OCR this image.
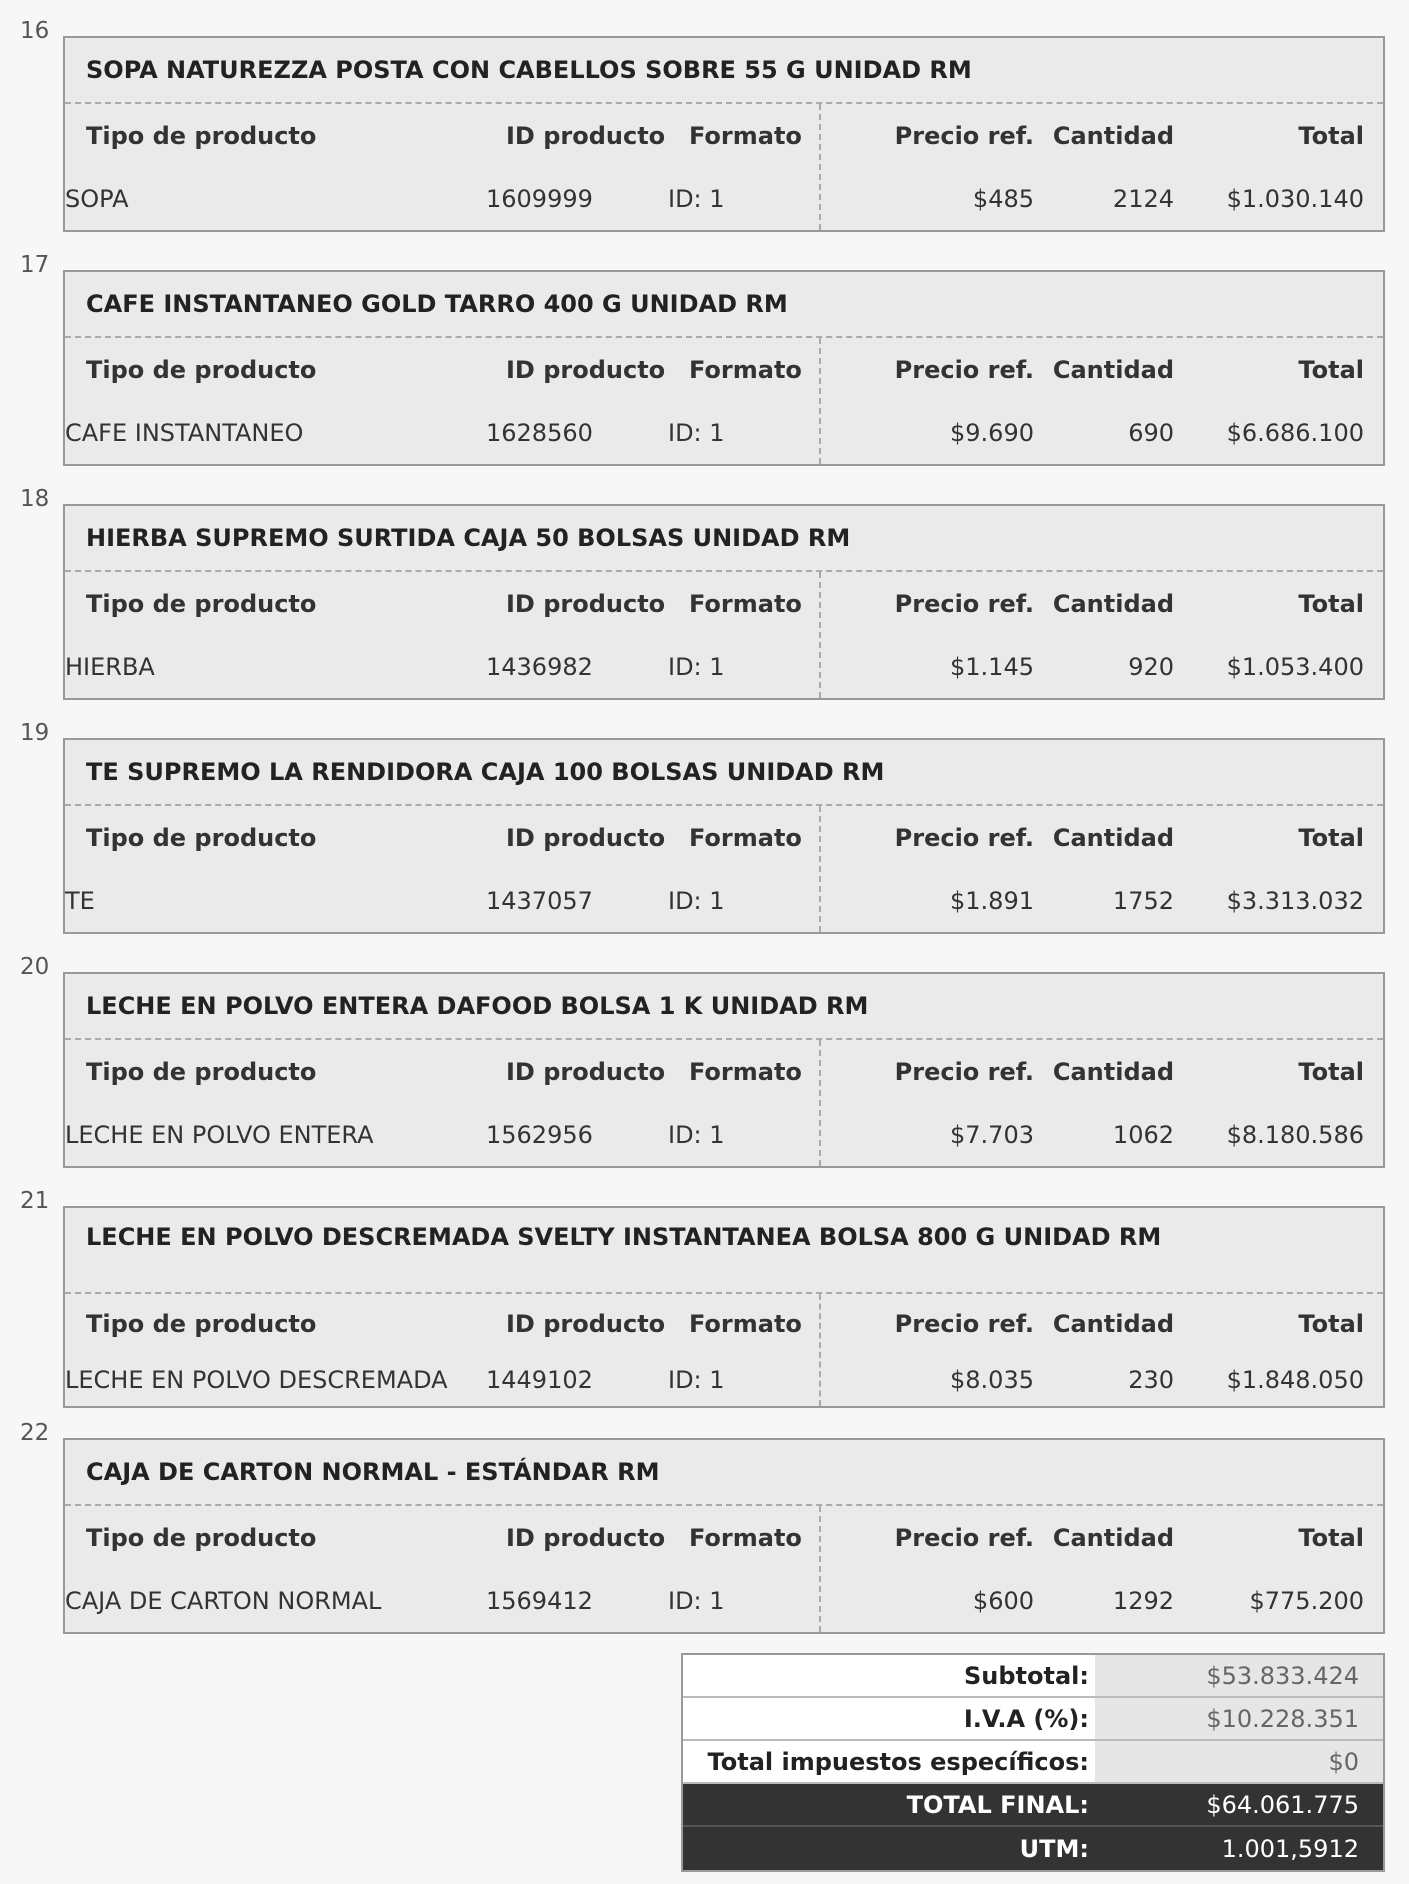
16
SOPA NATUREZZA POSTA CON CABELLOS SOBRE 55 G UNIDAD RM
Tipo de producto	ID producto Formato	Precio ref. Cantidad	Total
SOPA	1609999	ID: 1	$485	2124 $1.030.140
17
CAFE INSTANTANEO GOLD TARRO 400 G UNIDAD RM
Tipo de producto	ID producto Formato	Precio ref. Cantidad	Total
CAFE INSTANTANEO	1628560	ID: 1	$9.690	690 $6.686.100
18
HIERBA SUPREMO SURTIDA CAJA 50 BOLSAS UNIDAD RM
Tipo de producto	ID producto Formato	Precio ref. Cantidad	Total
HIERBA	1436982	ID: 1	$1.145	920 $1.053.400
19
TE SUPREMO LA RENDIDORA CAJA 100 BOLSAS UNIDAD RM
Tipo de producto	ID producto Formato	Precio ref. Cantidad	Total
TE	1437057	ID: 1	$1.891	1752 $3.313.032
20
LECHE EN POLVO ENTERA DAFOOD BOLSA 1 K UNIDAD RM
Tipo de producto	ID producto Formato	Precio ref. Cantidad	Total
LECHE EN POLVO ENTERA	1562956	ID: 1	$7.703	1062 $8.180.586
21
LECHE EN POLVO DESCREMADA SVELTY INSTANTANEA BOLSA 800 G UNIDAD RM
Tipo de producto	ID producto Formato	Precio ref. Cantidad	Total
LECHE EN POLVO DESCREMADA 1449102	ID: 1	$8.035	230 $1.848.050
22
CAJA DE CARTON NORMAL - ESTÁNDAR RM
Tipo de producto	ID producto Formato	Precio ref. Cantidad	Total
CAJA DE CARTON NORMAL	1569412	ID: 1	$600	1292	$775.200
Subtotal:	$53.833.424
I.V.A (%):	$10.228.351
Total impuestos específicos:	$0
TOTAL FINAL:	$64.061.775
UTM:	1.001,5912
